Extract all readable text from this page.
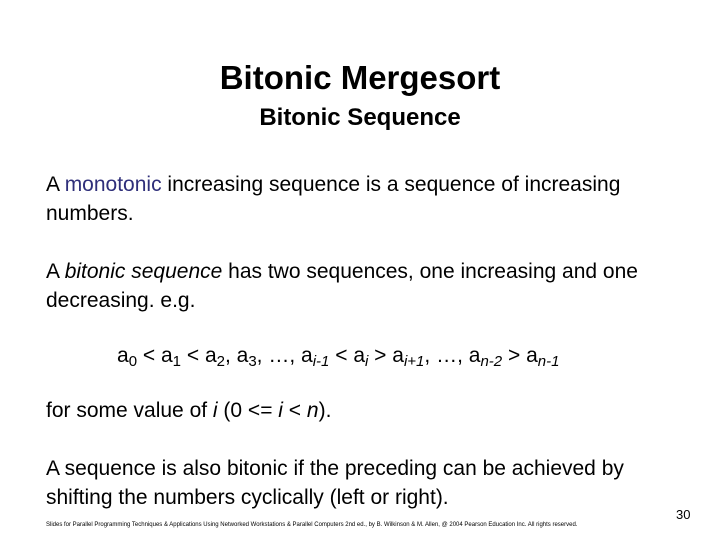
Bitonic Mergesort
Bitonic Sequence

A monotonic increasing sequence is a sequence of increasing numbers.

A bitonic sequence has two sequences, one increasing and one decreasing. e.g.

$a_0 < a_1 < a_2$, $a_3$, …, $a_{i-1} < a_i > a_{i+1}$, …, $a_{n-2} > a_{n-1}$

for some value of i (0 <= i < n).

A sequence is also bitonic if the preceding can be achieved by shifting the numbers cyclically (left or right).

Slides for Parallel Programming Techniques & Applications Using Networked Workstations & Parallel Computers 2nd ed., by B. Wilkinson & M. Allen, @ 2004 Pearson Education Inc. All rights reserved.

30
